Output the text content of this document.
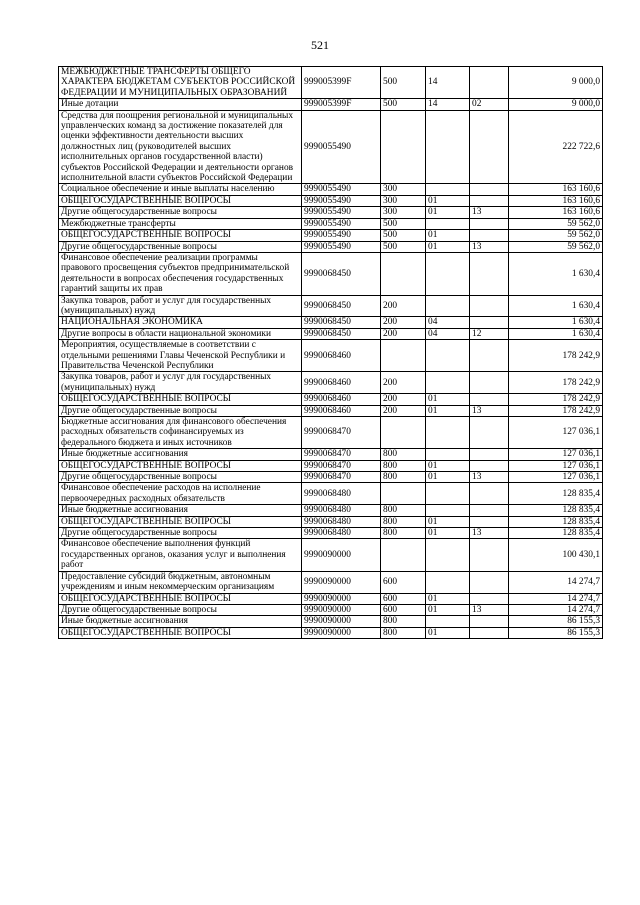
521
МЕЖБЮДЖЕТНЫЕ ТРАНСФЕРТЫ ОБЩЕГО ХАРАКТЕРА БЮДЖЕТАМ СУБЪЕКТОВ РОССИЙСКОЙ ФЕДЕРАЦИИ И МУНИЦИПАЛЬНЫХ ОБРАЗОВАНИЙ	999005399F	500	14		9 000,0
Иные дотации	999005399F	500	14	02	9 000,0
Средства для поощрения региональной и муниципальных управленческих команд за достижение показателей для оценки эффективности деятельности высших должностных лиц (руководителей высших исполнительных органов государственной власти) субъектов Российской Федерации и деятельности органов исполнительной власти субъектов Российской Федерации	9990055490				222 722,6
Социальное обеспечение и иные выплаты населению	9990055490	300			163 160,6
ОБЩЕГОСУДАРСТВЕННЫЕ ВОПРОСЫ	9990055490	300	01		163 160,6
Другие общегосударственные вопросы	9990055490	300	01	13	163 160,6
Межбюджетные трансферты	9990055490	500			59 562,0
ОБЩЕГОСУДАРСТВЕННЫЕ ВОПРОСЫ	9990055490	500	01		59 562,0
Другие общегосударственные вопросы	9990055490	500	01	13	59 562,0
Финансовое обеспечение реализации программы правового просвещения субъектов предпринимательской деятельности в вопросах обеспечения государственных гарантий защиты их прав	9990068450				1 630,4
Закупка товаров, работ и услуг для государственных (муниципальных) нужд	9990068450	200			1 630,4
НАЦИОНАЛЬНАЯ ЭКОНОМИКА	9990068450	200	04		1 630,4
Другие вопросы в области национальной экономики	9990068450	200	04	12	1 630,4
Мероприятия, осуществляемые в соответствии с отдельными решениями Главы Чеченской Республики и Правительства Чеченской Республики	9990068460				178 242,9
Закупка товаров, работ и услуг для государственных (муниципальных) нужд	9990068460	200			178 242,9
ОБЩЕГОСУДАРСТВЕННЫЕ ВОПРОСЫ	9990068460	200	01		178 242,9
Другие общегосударственные вопросы	9990068460	200	01	13	178 242,9
Бюджетные ассигнования для финансового обеспечения расходных обязательств софинансируемых из федерального бюджета и иных источников	9990068470				127 036,1
Иные бюджетные ассигнования	9990068470	800			127 036,1
ОБЩЕГОСУДАРСТВЕННЫЕ ВОПРОСЫ	9990068470	800	01		127 036,1
Другие общегосударственные вопросы	9990068470	800	01	13	127 036,1
Финансовое обеспечение расходов на исполнение первоочередных расходных обязательств	9990068480				128 835,4
Иные бюджетные ассигнования	9990068480	800			128 835,4
ОБЩЕГОСУДАРСТВЕННЫЕ ВОПРОСЫ	9990068480	800	01		128 835,4
Другие общегосударственные вопросы	9990068480	800	01	13	128 835,4
Финансовое обеспечение выполнения функций государственных органов, оказания услуг и выполнения работ	9990090000				100 430,1
Предоставление субсидий бюджетным, автономным учреждениям и иным некоммерческим организациям	9990090000	600			14 274,7
ОБЩЕГОСУДАРСТВЕННЫЕ ВОПРОСЫ	9990090000	600	01		14 274,7
Другие общегосударственные вопросы	9990090000	600	01	13	14 274,7
Иные бюджетные ассигнования	9990090000	800			86 155,3
ОБЩЕГОСУДАРСТВЕННЫЕ ВОПРОСЫ	9990090000	800	01		86 155,3
